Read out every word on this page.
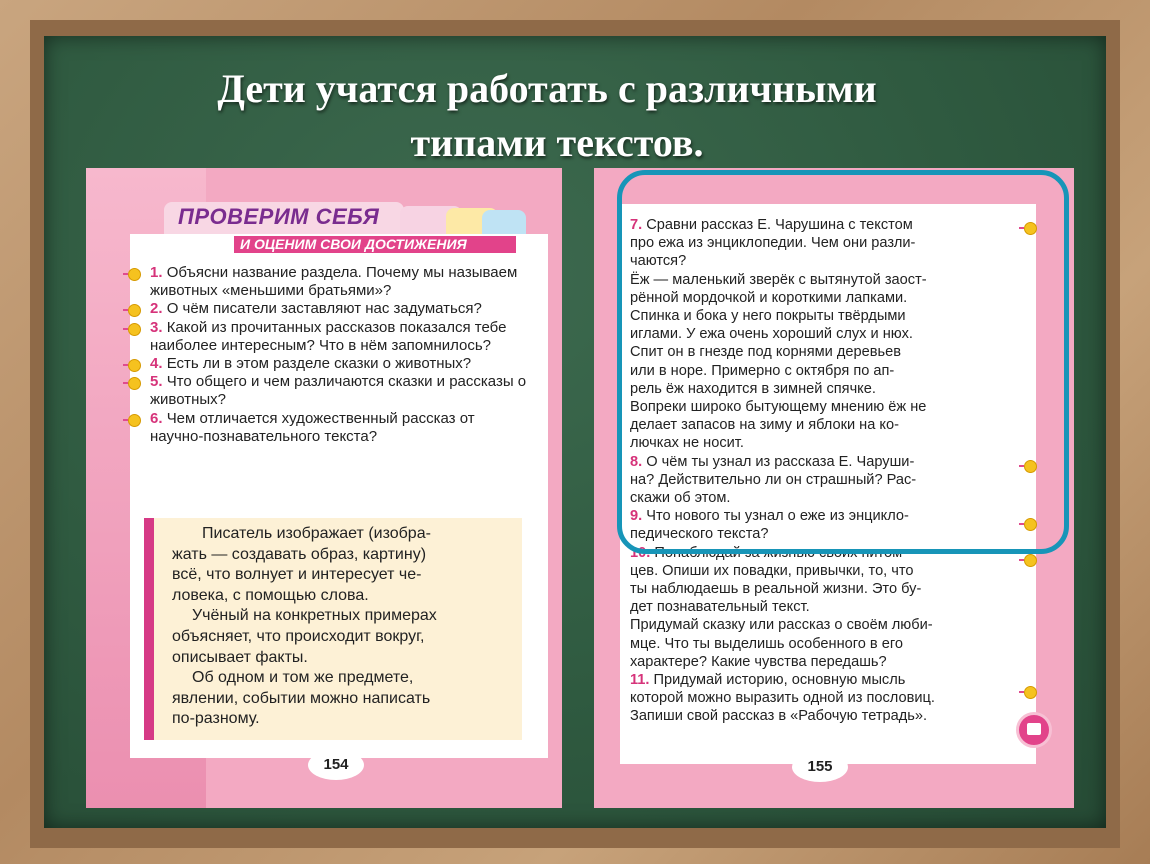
Дети учатся работать с различными
типами текстов.
ПРОВЕРИМ СЕБЯ
И ОЦЕНИМ СВОИ ДОСТИЖЕНИЯ
1. Объясни название раздела. Почему мы называем животных «меньшими братьями»?
2. О чём писатели заставляют нас задуматься?
3. Какой из прочитанных рассказов показался тебе наиболее интересным? Что в нём запомнилось?
4. Есть ли в этом разделе сказки о животных?
5. Что общего и чем различаются сказки и рассказы о животных?
6. Чем отличается художественный рассказ от научно-познавательного текста?
Писатель изображает (изобра-
жать — создавать образ, картину)
всё, что волнует и интересует че-
ловека, с помощью слова.
Учёный на конкретных примерах
объясняет, что происходит вокруг,
описывает факты.
Об одном и том же предмете,
явлении, событии можно написать
по-разному.
154

7. Сравни рассказ Е. Чарушина с текстом

про ежа из энциклопедии. Чем они разли-

чаются?

Ёж — маленький зверёк с вытянутой заост-

рённой мордочкой и короткими лапками.

Спинка и бока у него покрыты твёрдыми

иглами. У ежа очень хороший слух и нюх.

Спит он в гнезде под корнями деревьев

или в норе. Примерно с октября по ап-

рель ёж находится в зимней спячке.

Вопреки широко бытующему мнению ёж не

делает запасов на зиму и яблоки на ко-

лючках не носит.

8. О чём ты узнал из рассказа Е. Чаруши-

на? Действительно ли он страшный? Рас-

скажи об этом.

9. Что нового ты узнал о еже из энцикло-

педического текста?

10. Понаблюдай за жизнью своих питом-

цев. Опиши их повадки, привычки, то, что

ты наблюдаешь в реальной жизни. Это бу-

дет познавательный текст.

Придумай сказку или рассказ о своём люби-

мце. Что ты выделишь особенного в его

характере? Какие чувства передашь?

11. Придумай историю, основную мысль

которой можно выразить одной из пословиц.

Запиши свой рассказ в «Рабочую тетрадь».

155
